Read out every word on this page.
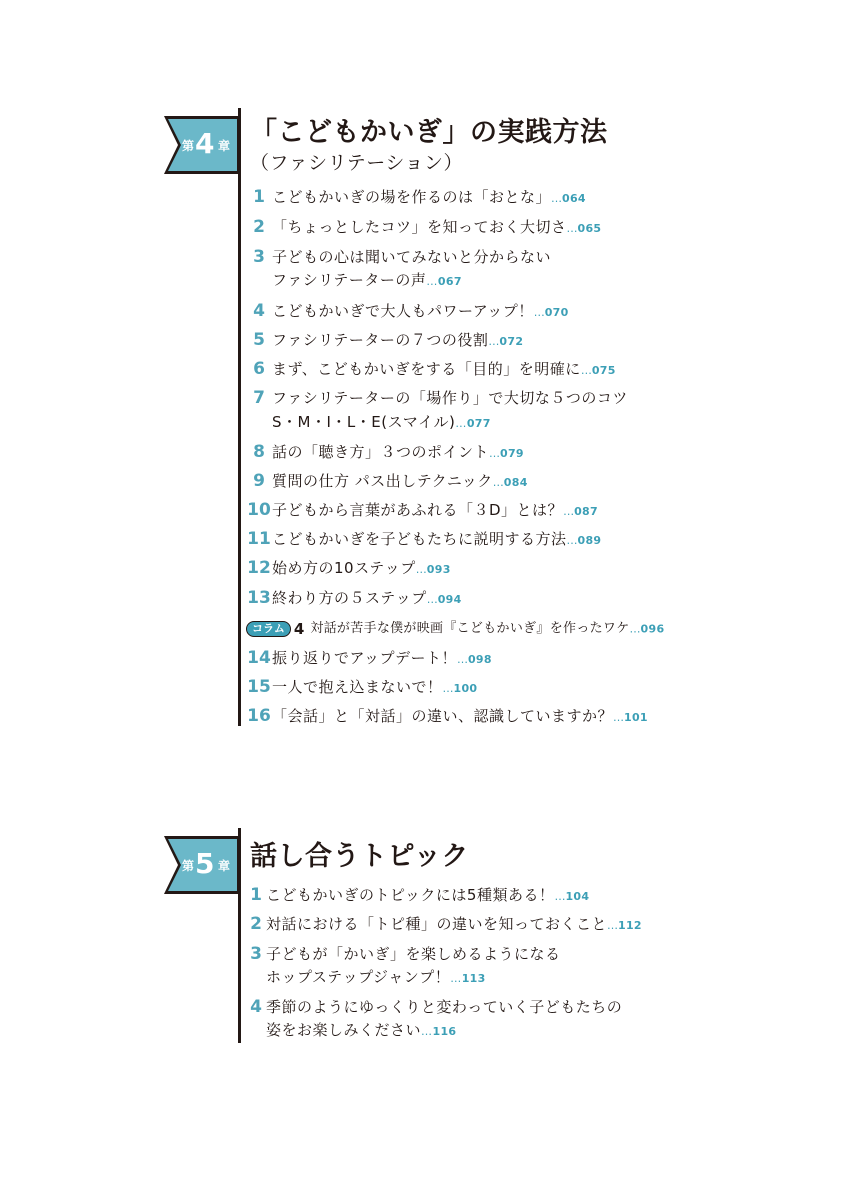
第 4 章 「こどもかいぎ」の実践方法
（ファシリテーション）
1 こどもかいぎの場を作るのは「おとな」…064
2 「ちょっとしたコツ」を知っておく大切さ…065
3 子どもの心は聞いてみないと分からない
ファシリテーターの声…067
4 こどもかいぎで大人もパワーアップ！…070
5 ファシリテーターの７つの役割…072
6 まず、こどもかいぎをする「目的」を明確に…075
7 ファシリテーターの「場作り」で大切な５つのコツ
S・M・I・L・E(スマイル)…077
8 話の「聴き方」３つのポイント…079
9 質問の仕方 パス出しテクニック…084
10子どもから言葉があふれる「３D」とは？…087
11こどもかいぎを子どもたちに説明する方法…089
12始め方の10ステップ…093
13終わり方の５ステップ…094
コラム 4 対話が苦手な僕が映画『こどもかいぎ』を作ったワケ…096
14振り返りでアップデート！…098
15一人で抱え込まないで！…100
16「会話」と「対話」の違い、認識していますか？…101
第 5 章 話し合うトピック
1 こどもかいぎのトピックには5種類ある！…104
2 対話における「トピ種」の違いを知っておくこと…112
3 子どもが「かいぎ」を楽しめるようになる
ホップステップジャンプ！…113
4 季節のようにゆっくりと変わっていく子どもたちの
姿をお楽しみください…116
